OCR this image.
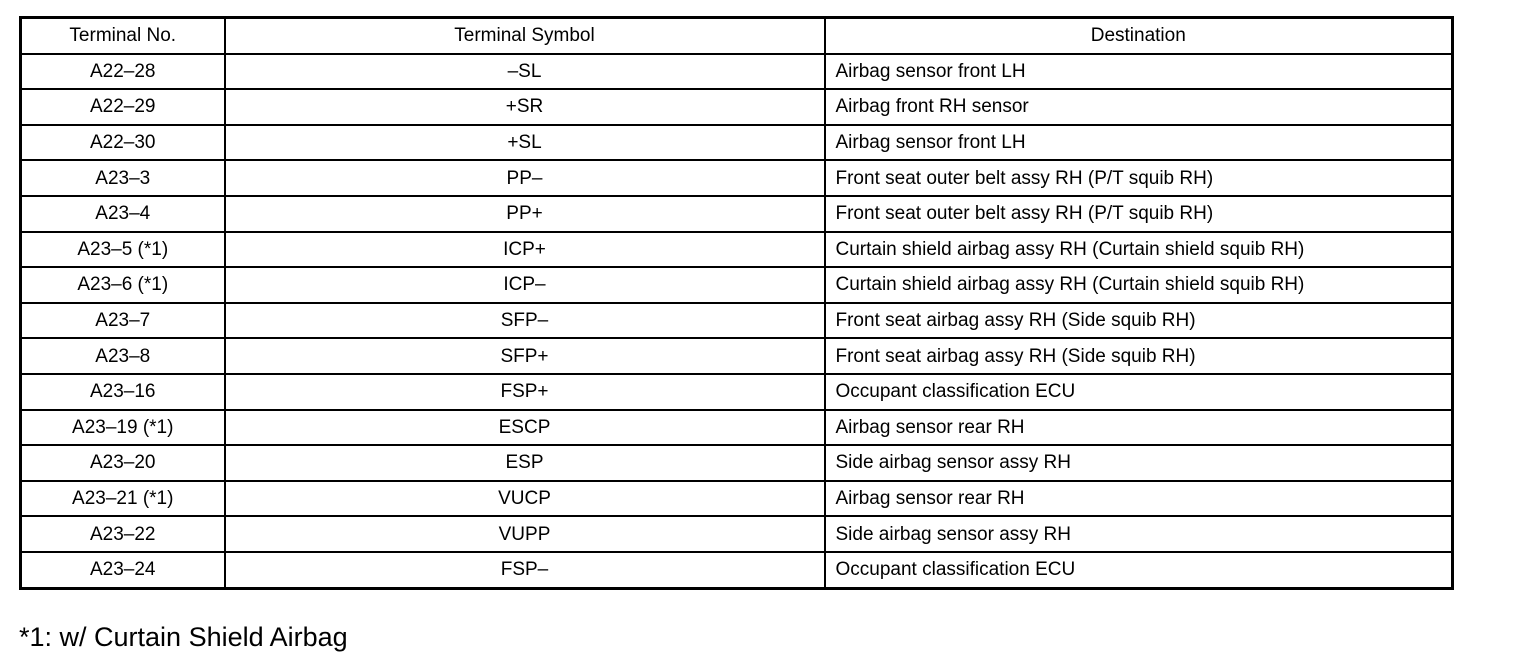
Terminal No.	Terminal Symbol	Destination
A22–28	–SL	Airbag sensor front LH
A22–29	+SR	Airbag front RH sensor
A22–30	+SL	Airbag sensor front LH
A23–3	PP–	Front seat outer belt assy RH (P/T squib RH)
A23–4	PP+	Front seat outer belt assy RH (P/T squib RH)
A23–5 (*1)	ICP+	Curtain shield airbag assy RH (Curtain shield squib RH)
A23–6 (*1)	ICP–	Curtain shield airbag assy RH (Curtain shield squib RH)
A23–7	SFP–	Front seat airbag assy RH (Side squib RH)
A23–8	SFP+	Front seat airbag assy RH (Side squib RH)
A23–16	FSP+	Occupant classification ECU
A23–19 (*1)	ESCP	Airbag sensor rear RH
A23–20	ESP	Side airbag sensor assy RH
A23–21 (*1)	VUCP	Airbag sensor rear RH
A23–22	VUPP	Side airbag sensor assy RH
A23–24	FSP–	Occupant classification ECU
*1: w/ Curtain Shield Airbag
